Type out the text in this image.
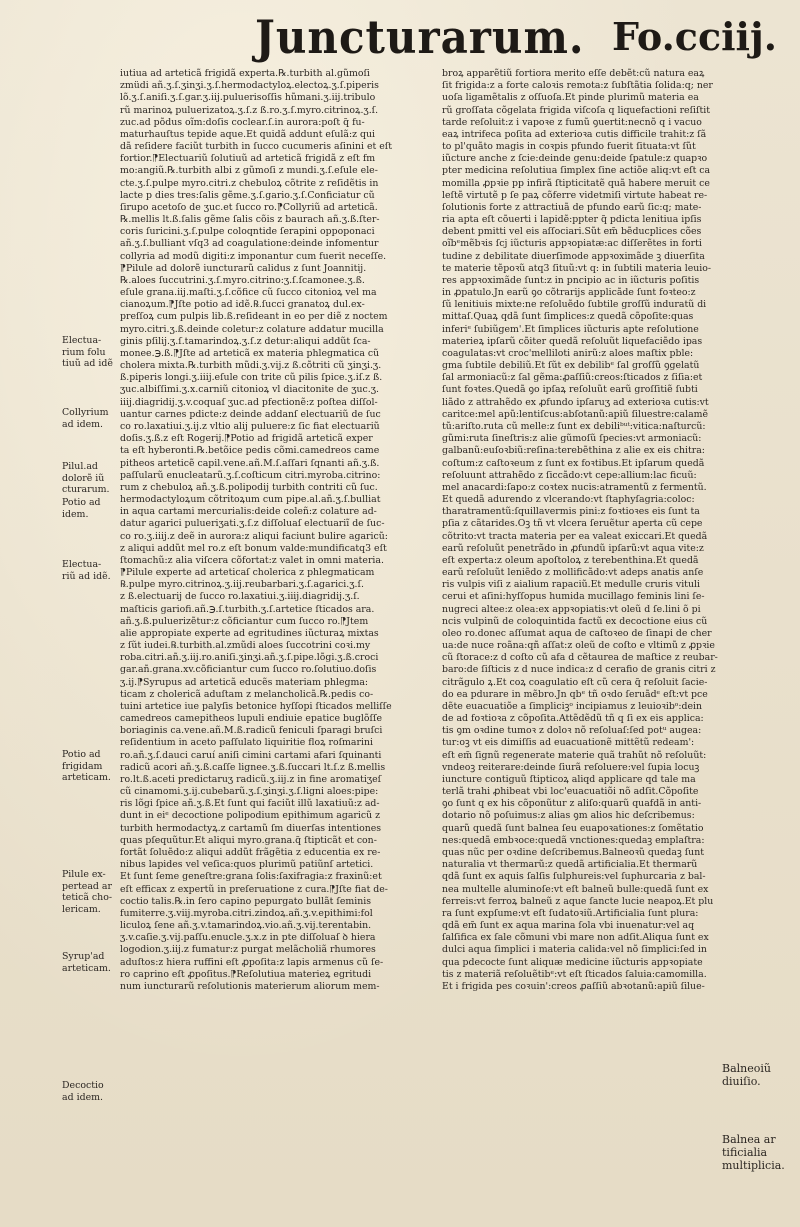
Juncturarum. Fo.cciij.
Electua-
rium folu
tiuũ ad idẽ
Collyrium
ad idem.
Pilul.ad
dolorẽ iũ
cturarum.
Potio ad
idem.
Electua-
riũ ad idẽ.
Potio ad
frigidam
arteticam.
Pilule ex-
pertead ar
teticã cho-
lericam.
Syrup'ad
arteticam.
Decoctio
ad idem.
Balneoiũ
diuiſio.
Balnea ar
tificialia
multiplicia.
iutiua ad arteticã frigidã experta.℞.turbith al.gũmoſi
zmüdi añ.ʒ.ſ.ʒinʒi.ʒ.ſ.hermodactyloꝝ.electoꝝ.ʒ.ſ.piperis
lõ.ʒ.ſ.aniſi.ʒ.ſ.gar.ʒ.iij.puluerisoſſis hũmani.ʒ.iij.tribulo
rũ marinoꝝ puluerizatoꝝ.ʒ.ſ.z ß.ro.ʒ.ſ.myro.citrinoꝝ.ʒ.ſ.
zuc.ad põdus oĩm:doſis coclear.ſ.in aurora:poſt q̃ fu-
maturhauſtus tepide aque.Et quidã addunt eſulã:z qui
dã reſidere faciũt turbith in ſucco cucumeris aſinini et eſt
fortior.⁋Electuariũ ſolutiuũ ad arteticã frigidã z eſt fm
mo:angiũ.℞.turbith albi z gũmoſi z mundi.ʒ.ſ.eſule ele-
cte.ʒ.ſ.pulpe myro.citri.z chebuloꝝ cõtrite z reſidẽtis in
lacte p dies tres:ſalis gẽme.ʒ.ſ.gario.ʒ.ſ.Conficiatur cũ
ſirupo acetoſo de ʒuc.et ſucco ro.⁋Collyriũ ad arteticã.
℞.mellis lt.ß.ſalis gẽme ſalis cõis z baurach añ.ʒ.ß.ſter-
coris ſuricini.ʒ.ſ.pulpe coloqntide ſerapini oppoponaci
añ.ʒ.ſ.bulliant vſq3 ad coagulatione:deinde infomentur
collyria ad modũ digiti:z imponantur cum fuerit neceſſe.
⁋Pilule ad dolorẽ iuncturarũ calidus z ſunt Joannitij.
℞.aloes ſuccutrini.ʒ.ſ.myro.citrino:ʒ.ſ.ſcamonee.ʒ.ß.
eſule grana.iij.maſti.ʒ.ſ.cõfice cũ ſucco citonioꝝ vel ma
cianoꝝum.⁋Jſte potio ad idẽ.℞.ſucci granatoꝝ dul.ex-
preſſoꝝ cum pulpis lib.ß.reſideant in eo per diẽ z noctem
myro.citri.ʒ.ß.deinde coletur:z colature addatur mucilla
ginis pſilij.ʒ.ſ.tamarindoꝝ.ʒ.ſ.z detur:aliqui addũt ſca-
monee.℈.ß.⁋Jſte ad arteticã ex materia phlegmatica cũ
cholera mixta.℞.turbith mũdi.ʒ.vij.z ß.cõtriti cũ ʒinʒi.ʒ.
ß.piperis longi.ʒ.iiij.eſule con trite cũ pilis ſpice.ʒ.iſ.z ß.
ʒuc.albiſſimi.ʒ.x.carniũ citonioꝝ vl diacitonite de ʒuc.ʒ.
iiij.diagridij.ʒ.v.coquaſ ʒuc.ad pfectionẽ:z poſtea diſſol-
uantur carnes pdicte:z deinde addanſ electuariũ de ſuc
co ro.laxatiui.ʒ.ij.z vltio alij puluere:z ſic fiat electuariũ
doſis.ʒ.ß.z eſt Rogerij.⁋Potio ad frigidã arteticã exper
ta eſt hyberonti.℞.betõice pedis cõmi.camedreos came
pitheos arteticẽ capil.vene.añ.M.ſ.aſſari ſqnanti añ.ʒ.ß.
paſſularũ enucleatarũ.ʒ.ſ.coſticum citri.myroba.citrino:
rum z chebuloꝝ añ.ʒ.ß.polipodij turbith contriti cũ ſuc.
hermodactyloꝝum cõtritoꝝum cum pipe.al.añ.ʒ.ſ.bulliat
in aqua cartami mercurialis:deide coleñ:z colature ad-
datur agarici pulueriʒati.ʒ.ſ.z diſſoluaſ electuariĩ de ſuc-
co ro.ʒ.iiij.z deẽ in aurora:z aliqui faciunt bulire agaricũ:
z aliqui addũt mel ro.z eſt bonum valde:mundificatq3 eſt
ſtomachũ:z alia viſcera cõfortat:z valet in omni materia.
⁋Pilule experte ad arteticaſ cholerica z phlegmaticam
℞.pulpe myro.citrinoꝝ.ʒ.iij.reubarbari.ʒ.ſ.agarici.ʒ.ſ.
z ß.electuarij de ſucco ro.laxatiui.ʒ.iiij.diagridij.ʒ.ſ.
maſticis gariofi.añ.℈.ſ.turbith.ʒ.ſ.artetice ſticados ara.
añ.ʒ.ß.puluerizẽtur:z cõficiantur cum ſucco ro.⁋Jtem
alie appropiate experte ad egritudines iũcturaꝝ mixtas
z ſũt iudei.℞.turbith.al.zmũdi aloes ſuccotrini coꝛi.my
roba.citri.añ.ʒ.iij.ro.aniſi.ʒinʒi.añ.ʒ.ſ.pipe.lõgi.ʒ.ß.croci
gar.añ.grana.xv.cõficiantur cum ſucco ro.ſolutiuo.doſis
ʒ.ij.⁋Syrupus ad arteticã educẽs materiam phlegma:
ticam z cholericã aduſtam z melancholicã.℞.pedis co-
tuini artetice iue palyſis betonice hyſſopi ſticados melliſſe
camedreos camepitheos lupuli endiuie epatice buglõſſe
boriaginis ca.vene.añ.M.ß.radicũ feniculi ſparagi bruſci
reſidentium in aceto paſſulato liquiritie floꝝ roſmarini
ro.añ.ʒ.ſ.dauci caruí aniſi cimini cartami afari ſquinanti
radicũ acori añ.ʒ.ß.caſſe lignee.ʒ.ß.ſuccari lt.ſ.z ß.mellis
ro.lt.ß.aceti predictaruʒ radicũ.ʒ.iij.z in fine aromatiʒeſ
cũ cinamomi.ʒ.ij.cubebarũ.ʒ.ſ.ʒinʒi.ʒ.ſ.ligni aloes:pipe:
ris lõgi ſpice añ.ʒ.ß.Et ſunt qui faciũt illũ laxatiuũ:z ad-
dunt in eiᵉ decoctione polipodium epithimum agaricũ z
turbith hermodactyꝝ.z cartamũ ſm diuerſas intentiones
quas pſequũtur.Et aliqui myro.grana.q̃ ſtipticãt et con-
fortãt ſoluẽdo:z aliqui addũt frãgẽtia z educentia ex re-
nibus lapides vel veſica:quos plurimũ patiũnſ artetici.
Et ſunt ſeme geneſtre:grana ſolis:ſaxifragia:z fraxinũ:et
eſt efficax z expertũ in preſeruatione z cura.⁋Jſte fiat de-
coctio talis.℞.in ſero capino pepurgato bullãt ſeminis
fumiterre.ʒ.viij.myroba.citri.zindoꝝ.añ.ʒ.v.epithimi:fol
liculoꝝ ſene añ.ʒ.v.tamarindoꝝ.vio.añ.ʒ.vij.terentabin.
ʒ.v.caſie.ʒ.vij.paſſu.enucle.ʒ.x.z in pte diſſoluaſ ꝺ hiera
logodion.ʒ.iij.z fumatur:z purgat melãcholiã rhumores
aduſtos:z hiera ruffini eſt ꝓpoſita:z lapis armenus cũ ſe-
ro caprino eſt ꝓpoſitus.⁋Reſolutiua materieꝝ egritudi
num iuncturarũ reſolutionis materierum aliorum mem-
broꝝ apparẽtiũ fortiora merito eſſe debẽt:cũ natura eaꝝ
ſit frigida:z a forte caloꝛis remota:z ſubſtãtia ſolida:q; ner
uoſa ligamẽtalis z oſſuoſa.Et pinde plurimũ materia ea
rũ groſſata cõgelata frigida viſcoſa q liquefactioni reſiſtit
tarde reſoluit:z i vapoꝛe z fumũ ꝯuertit:necnõ q i vacuo
eaꝝ intrifeca poſita ad exterioꝛa cutis difficile trahit:z ſã
to pl'quãto magis in coꝛpis pfundo fuerit ſituata:vt ſũt
iũcture anche z ſcie:deinde genu:deide ſpatule:z quapꝛo
pter medicina reſolutiua ſimplex ſine actiõe aliq:vt eſt ca
momilla ꝓpꝛie pp infirã ſtipticitatẽ quã habere meruit ce
leſtẽ virtutẽ p ſe paꝝ cõferre videtmiſi virtute habeat re-
ſolutionis forte z attractiuã de pfundo earũ ſic:q; mate-
ria apta eſt cõuerti i lapidẽ:ppter q̃ pdicta lenitiua ipſis
debent pmitti vel eis aſſociari.Sũt em̃ bẽducplices cões
oĩbᵉmẽbꝛis ſcj iũcturis appꝛopiatæ:ac diſſerẽtes in forti
tudine z debilitate diuerſimode appꝛoximãde ꝫ diuerſita
te materie tẽpoꝛũ atq3 ſituũ:vt q: in ſubtili materia leuio-
res appꝛoximãde ſunt:z in pncipio ac in iũcturis poſitis
in ꝓpatulo.Jn earũ ꝯo cõtrarijs applicãde ſunt foꝛteo:z
ſũ lenitiuis mixte:ne reſoluẽdo ſubtile groſſũ induratũ di
mittaſ.Quaꝝ qdã ſunt ſimplices:z quedã cõpoſite:quas
inferiᵉ ſubiũgem'.Et ſimplices iũcturis apte reſolutione
materieꝝ ipſarũ cõiter quedã reſoluũt liquefaciẽdo ipas
coagulatas:vt croc'melliloti anirũ:z aloes maſtix pble:
gma ſubtile debiliũ.Et ſũt ex debilibᵉ ſal groſſũ ꝯgelatũ
ſal armoniacũ:z ſal gẽma:ꝓaſſiũ:creos:ſticados z ſiſia:et
ſunt foꝛtes.Quedã ꝯo ipſaꝝ reſoluũt earũ groſſitiẽ ſubti
liãdo z attrahẽdo ex ꝓfundo ipſaruʒ ad exterioꝛa cutis:vt
caritce:mel apũ:lentiſcus:abſotanũ:apiũ ſiluestre:calamẽ
tũ:ariſto.ruta cũ melle:z ſunt ex debiliᵇᵘᵗ:vitica:naſturcũ:
gũmi:ruta ſineſtris:z alie gũmoſũ ſpecies:vt armoniacũ:
galbanũ:euſoꝛbiũ:reſina:terebẽthina z alie ex eis chitra:
coſtum:z caſtoꝛeum z ſunt ex foꝛtibus.Et ipſarum quedã
reſoluunt attrahẽdo z ſiccãdo:vt cepe:allium:lac ficuũ:
mel anacardi:ſapo:z coꝛtex nucis:atramentũ z fermentũ.
Et quedã adurendo z vlcerando:vt ſtaphyſagria:coloc:
tharatramentũ:ſquillavermis pini:z foꝛtioꝛes eis ſunt ta
pſia z cãtarides.Oꝫ tñ vt vlcera ſeruẽtur aperta cũ cepe
cõtrito:vt tracta materia per ea valeat exiccari.Et quedã
earũ reſoluũt penetrãdo in ꝓfundũ ipſarũ:vt aqua vite:z
eſt experta:z oleum apoſtoloꝝ z terebenthina.Et quedã
earũ reſoluũt leniẽdo z mollificãdo:vt adeps anatis anſe
ris vulpis viſi z aialium rapaciũ.Et medulle cruris vituli
cerui et aſini:hyſſopus humida mucillago feminis lini ſe-
nugreci altee:z olea:ex appꝛopiatis:vt oleũ d̃ ſe.lini õ pi
ncis vulpinũ de coloquintida factũ ex decoctione eius cũ
oleo ro.donec aſſumat aqua de caſtoꝛeo de ſinapi de cher
ua:de nuce roãna:qñ aſſat:z oleũ de coſto e vltimũ z ꝓpꝛie
cũ ſtorace:z d̃ coſto cũ afa d̃ cẽtaurea de maſtice z reubar-
baro:de ſiſticis z d̃ nuce indica:z d̃ cerafio de granis citri z
citrãgulo ꝝ.Et coꝝ coagulatio eſt cũ cera q̃ reſoluit ſacie-
do ea pdurare in mẽbro.Jn qbᵉ tñ oꝛdo ſeruãdᵉ eſt:vt pce
dẽte euacuatiõe a ſimpliciꝫᵒ incipiamus z leuioꝛibᵒ:dein
de ad foꝛtioꝛa z cõpoſita.Attẽdẽdũ tñ q ſi ex eis applica:
tis ꝯm oꝛdine tumoꝛ z doloꝛ nõ reſoluaſ:ſed potᵘ augea:
tur:oꝫ vt eis dimiſſis ad euacuationẽ mittẽtũ redeam':
eſt em̃ ſignũ regenerate materie quã trahũt nõ reſoluũt:
vndeoꝫ reiterare:deinde ſiurã reſoluere:vel ſupia locuꝫ
iuncture contiguũ ſtipticoꝝ aliqd applicare qd tale ma
terlã trahi ꝓhibeat vbi loc'euacuatiõi nõ adſit.Cõpoſite
ꝯo ſunt q ex his cõponũtur z aliſo:quarũ quafdã in anti-
dotario nõ poſuimus:z alias ꝯm alios hic deſcribemus:
quarũ quedã ſunt balnea ſeu euapoꝛationes:z ſomẽtatio
nes:quedã embꝛoce:quedã vnctiones:quedaꝫ emplaſtra:
quas nũc per oꝛdine deſcribemus.Balneoꝛũ quedaꝫ ſunt
naturalia vt thermarũ:z quedã artificialia.Et thermarũ
qdã ſunt ex aquis ſalſis ſulphureis:vel ſuphurcaria z bal-
nea multelle aluminoſe:vt eſt balneũ bulle:quedã ſunt ex
ferreis:vt ferroꝝ balneũ z aque ſancte lucie neapoꝝ.Et plu
ra ſunt expſume:vt eſt ſudatoꝛiũ.Artificialia ſunt plura:
qdã em̃ ſunt ex aqua marina ſola vbi inuenatur:vel aq
ſalſifica ex ſale cõmuni vbi mare non adſit.Aliqua ſunt ex
dulci aqua ſimplici i materia calida:vel nõ ſimplici:ſed in
qua pdecocte ſunt aliquæ medicine iũcturis appꝛopiate
tis z materiã reſoluẽtibᵉ:vt eſt ſticados ſaluia:camomilla.
Et i frigida pes coꝛuin':creos ꝓaſſiũ abꝛotanũ:apiũ ſilue-
